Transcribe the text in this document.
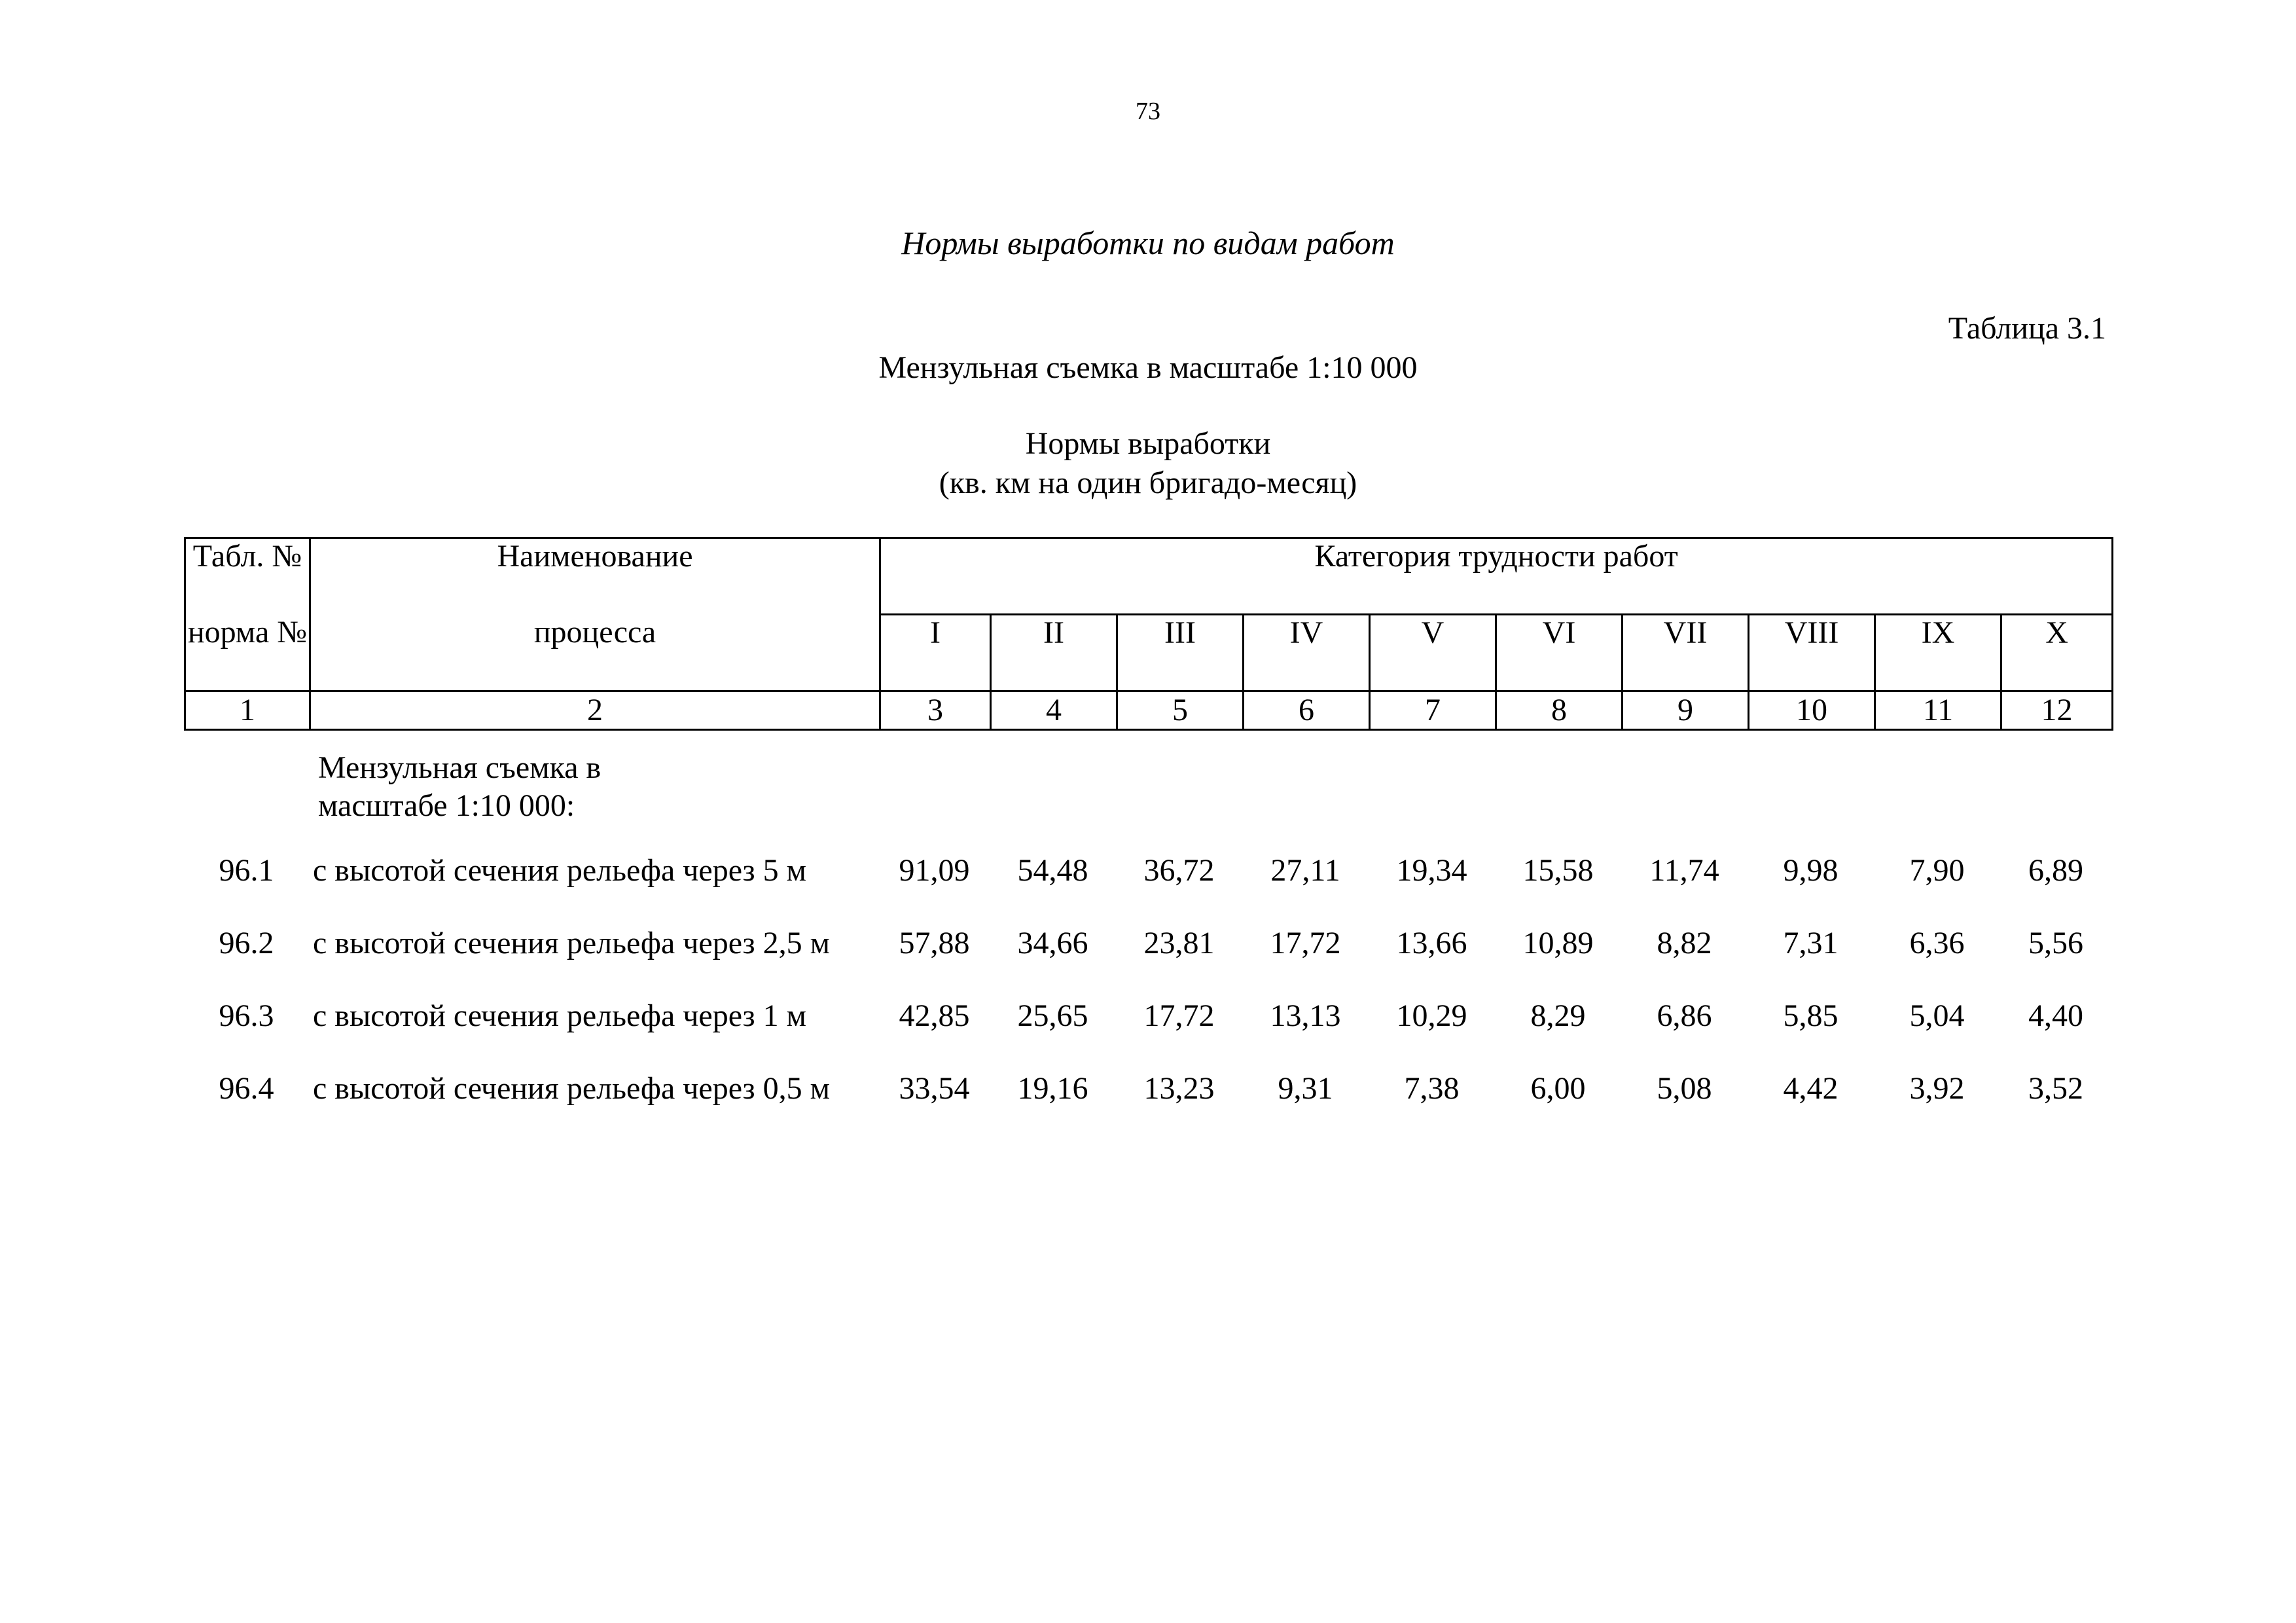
73
Нормы выработки по видам работ
Таблица 3.1
Мензульная съемка в масштабе 1:10 000
Нормы выработки
(кв. км на один бригадо-месяц)
Табл. №	Наименование	Категория трудности работ									
норма №	процесса	I	II	III	IV	V	VI	VII	VIII	IX	X
1	2	3	4	5	6	7	8	9	10	11	12
Мензульная съемка в
масштабе 1:10 000:
96.1	с высотой сечения рельефа через 5 м	91,09	54,48	36,72	27,11	19,34	15,58	11,74	9,98	7,90	6,89
96.2	с высотой сечения рельефа через 2,5 м	57,88	34,66	23,81	17,72	13,66	10,89	8,82	7,31	6,36	5,56
96.3	с высотой сечения рельефа через 1 м	42,85	25,65	17,72	13,13	10,29	8,29	6,86	5,85	5,04	4,40
96.4	с высотой сечения рельефа через 0,5 м	33,54	19,16	13,23	9,31	7,38	6,00	5,08	4,42	3,92	3,52
